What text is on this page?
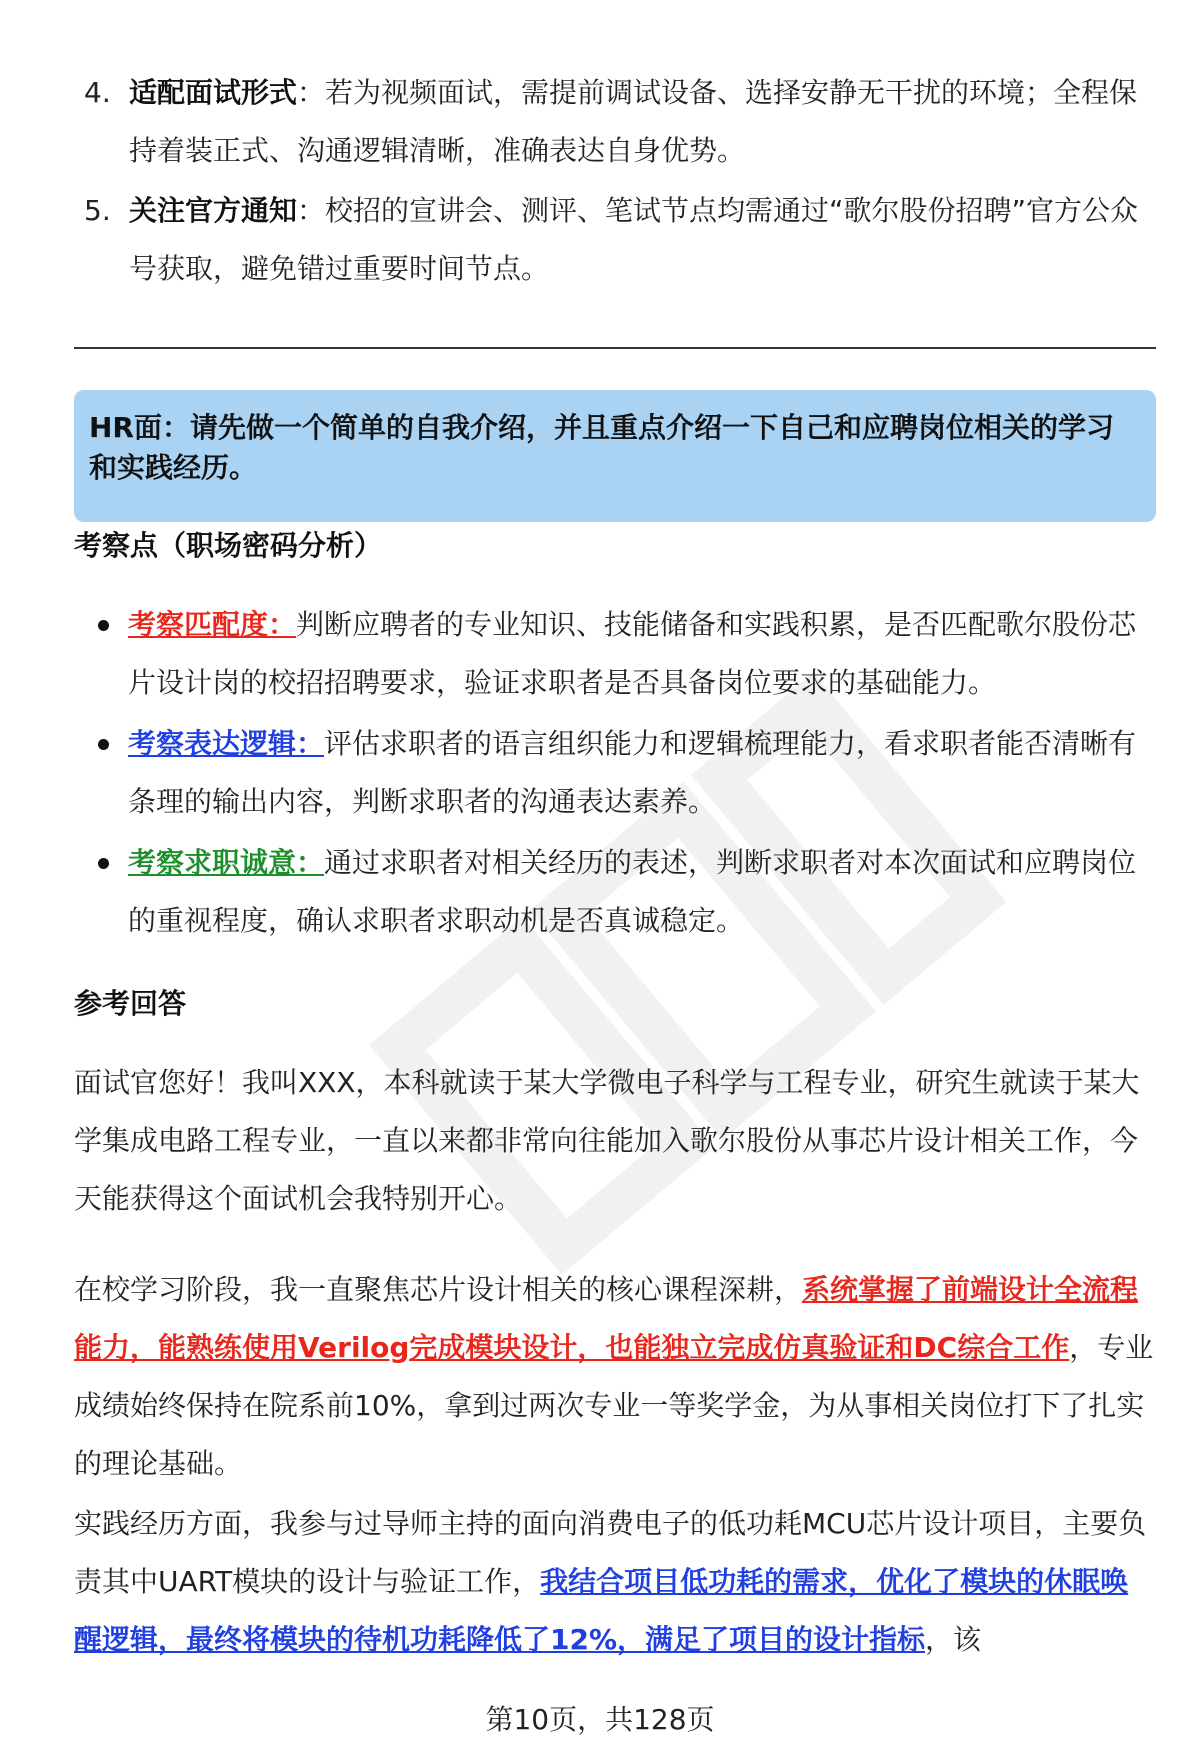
4. 适配面试形式：若为视频面试，需提前调试设备、选择安静无干扰的环境；全程保持着装正式、沟通逻辑清晰，准确表达自身优势。
5. 关注官方通知：校招的宣讲会、测评、笔试节点均需通过“歌尔股份招聘”官方公众号获取，避免错过重要时间节点。
HR面：请先做一个简单的自我介绍，并且重点介绍一下自己和应聘岗位相关的学习和实践经历。
考察点（职场密码分析）
考察匹配度：判断应聘者的专业知识、技能储备和实践积累，是否匹配歌尔股份芯片设计岗的校招招聘要求，验证求职者是否具备岗位要求的基础能力。
考察表达逻辑：评估求职者的语言组织能力和逻辑梳理能力，看求职者能否清晰有条理的输出内容，判断求职者的沟通表达素养。
考察求职诚意：通过求职者对相关经历的表述，判断求职者对本次面试和应聘岗位的重视程度，确认求职者求职动机是否真诚稳定。
参考回答
面试官您好！我叫XXX，本科就读于某大学微电子科学与工程专业，研究生就读于某大学集成电路工程专业，一直以来都非常向往能加入歌尔股份从事芯片设计相关工作，今天能获得这个面试机会我特别开心。
在校学习阶段，我一直聚焦芯片设计相关的核心课程深耕，系统掌握了前端设计全流程能力，能熟练使用Verilog完成模块设计，也能独立完成仿真验证和DC综合工作，专业成绩始终保持在院系前10%，拿到过两次专业一等奖学金，为从事相关岗位打下了扎实的理论基础。
实践经历方面，我参与过导师主持的面向消费电子的低功耗MCU芯片设计项目，主要负责其中UART模块的设计与验证工作，我结合项目低功耗的需求，优化了模块的休眠唤醒逻辑，最终将模块的待机功耗降低了12%，满足了项目的设计指标，该
第10页，共128页
